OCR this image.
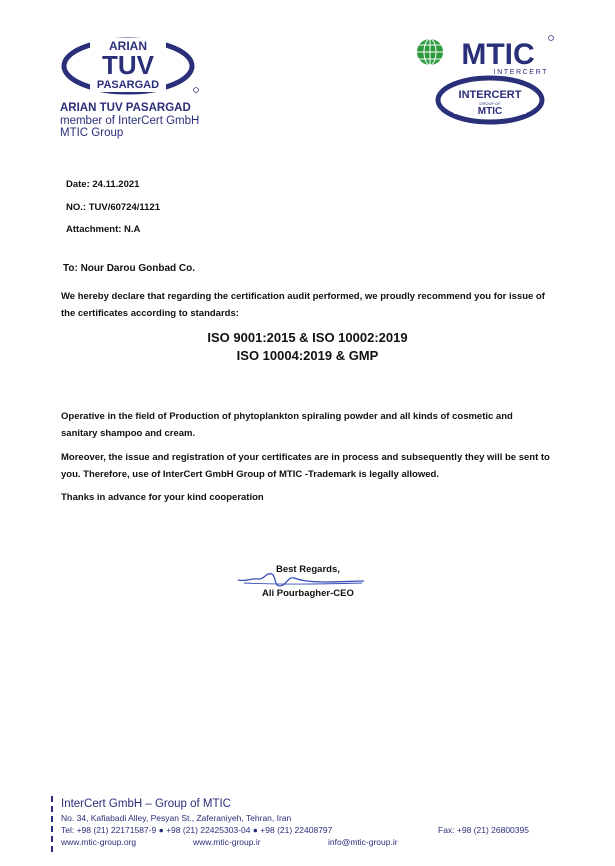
ARIAN
TUV
PASARGAD
ARIAN TUV PASARGAD
member of InterCert GmbH
MTIC Group
MTIC
INTERCERT
INTERCERT
GROUP OF
MTIC
Date: 24.11.2021
NO.: TUV/60724/1121
Attachment: N.A
To: Nour Darou Gonbad Co.
We hereby declare that regarding the certification audit performed, we proudly recommend you for issue of the certificates according to standards:
ISO 9001:2015 & ISO 10002:2019
ISO 10004:2019 & GMP
Operative in the field of Production of phytoplankton spiraling powder and all kinds of cosmetic and sanitary shampoo and cream.
Moreover, the issue and registration of your certificates are in process and subsequently they will be sent to you. Therefore, use of InterCert GmbH Group of MTIC -Trademark is legally allowed.
Thanks in advance for your kind cooperation
Best Regards,
Ali Pourbagher-CEO
InterCert GmbH – Group of MTIC
No. 34, Kafiabadi Alley, Pesyan St., Zaferaniyeh, Tehran, Iran
Tel: +98 (21) 22171587-9 ● +98 (21) 22425303-04 ● +98 (21) 22408797	Fax: +98 (21) 26800395
www.mtic-group.org	www.mtic-group.ir	info@mtic-group.ir
